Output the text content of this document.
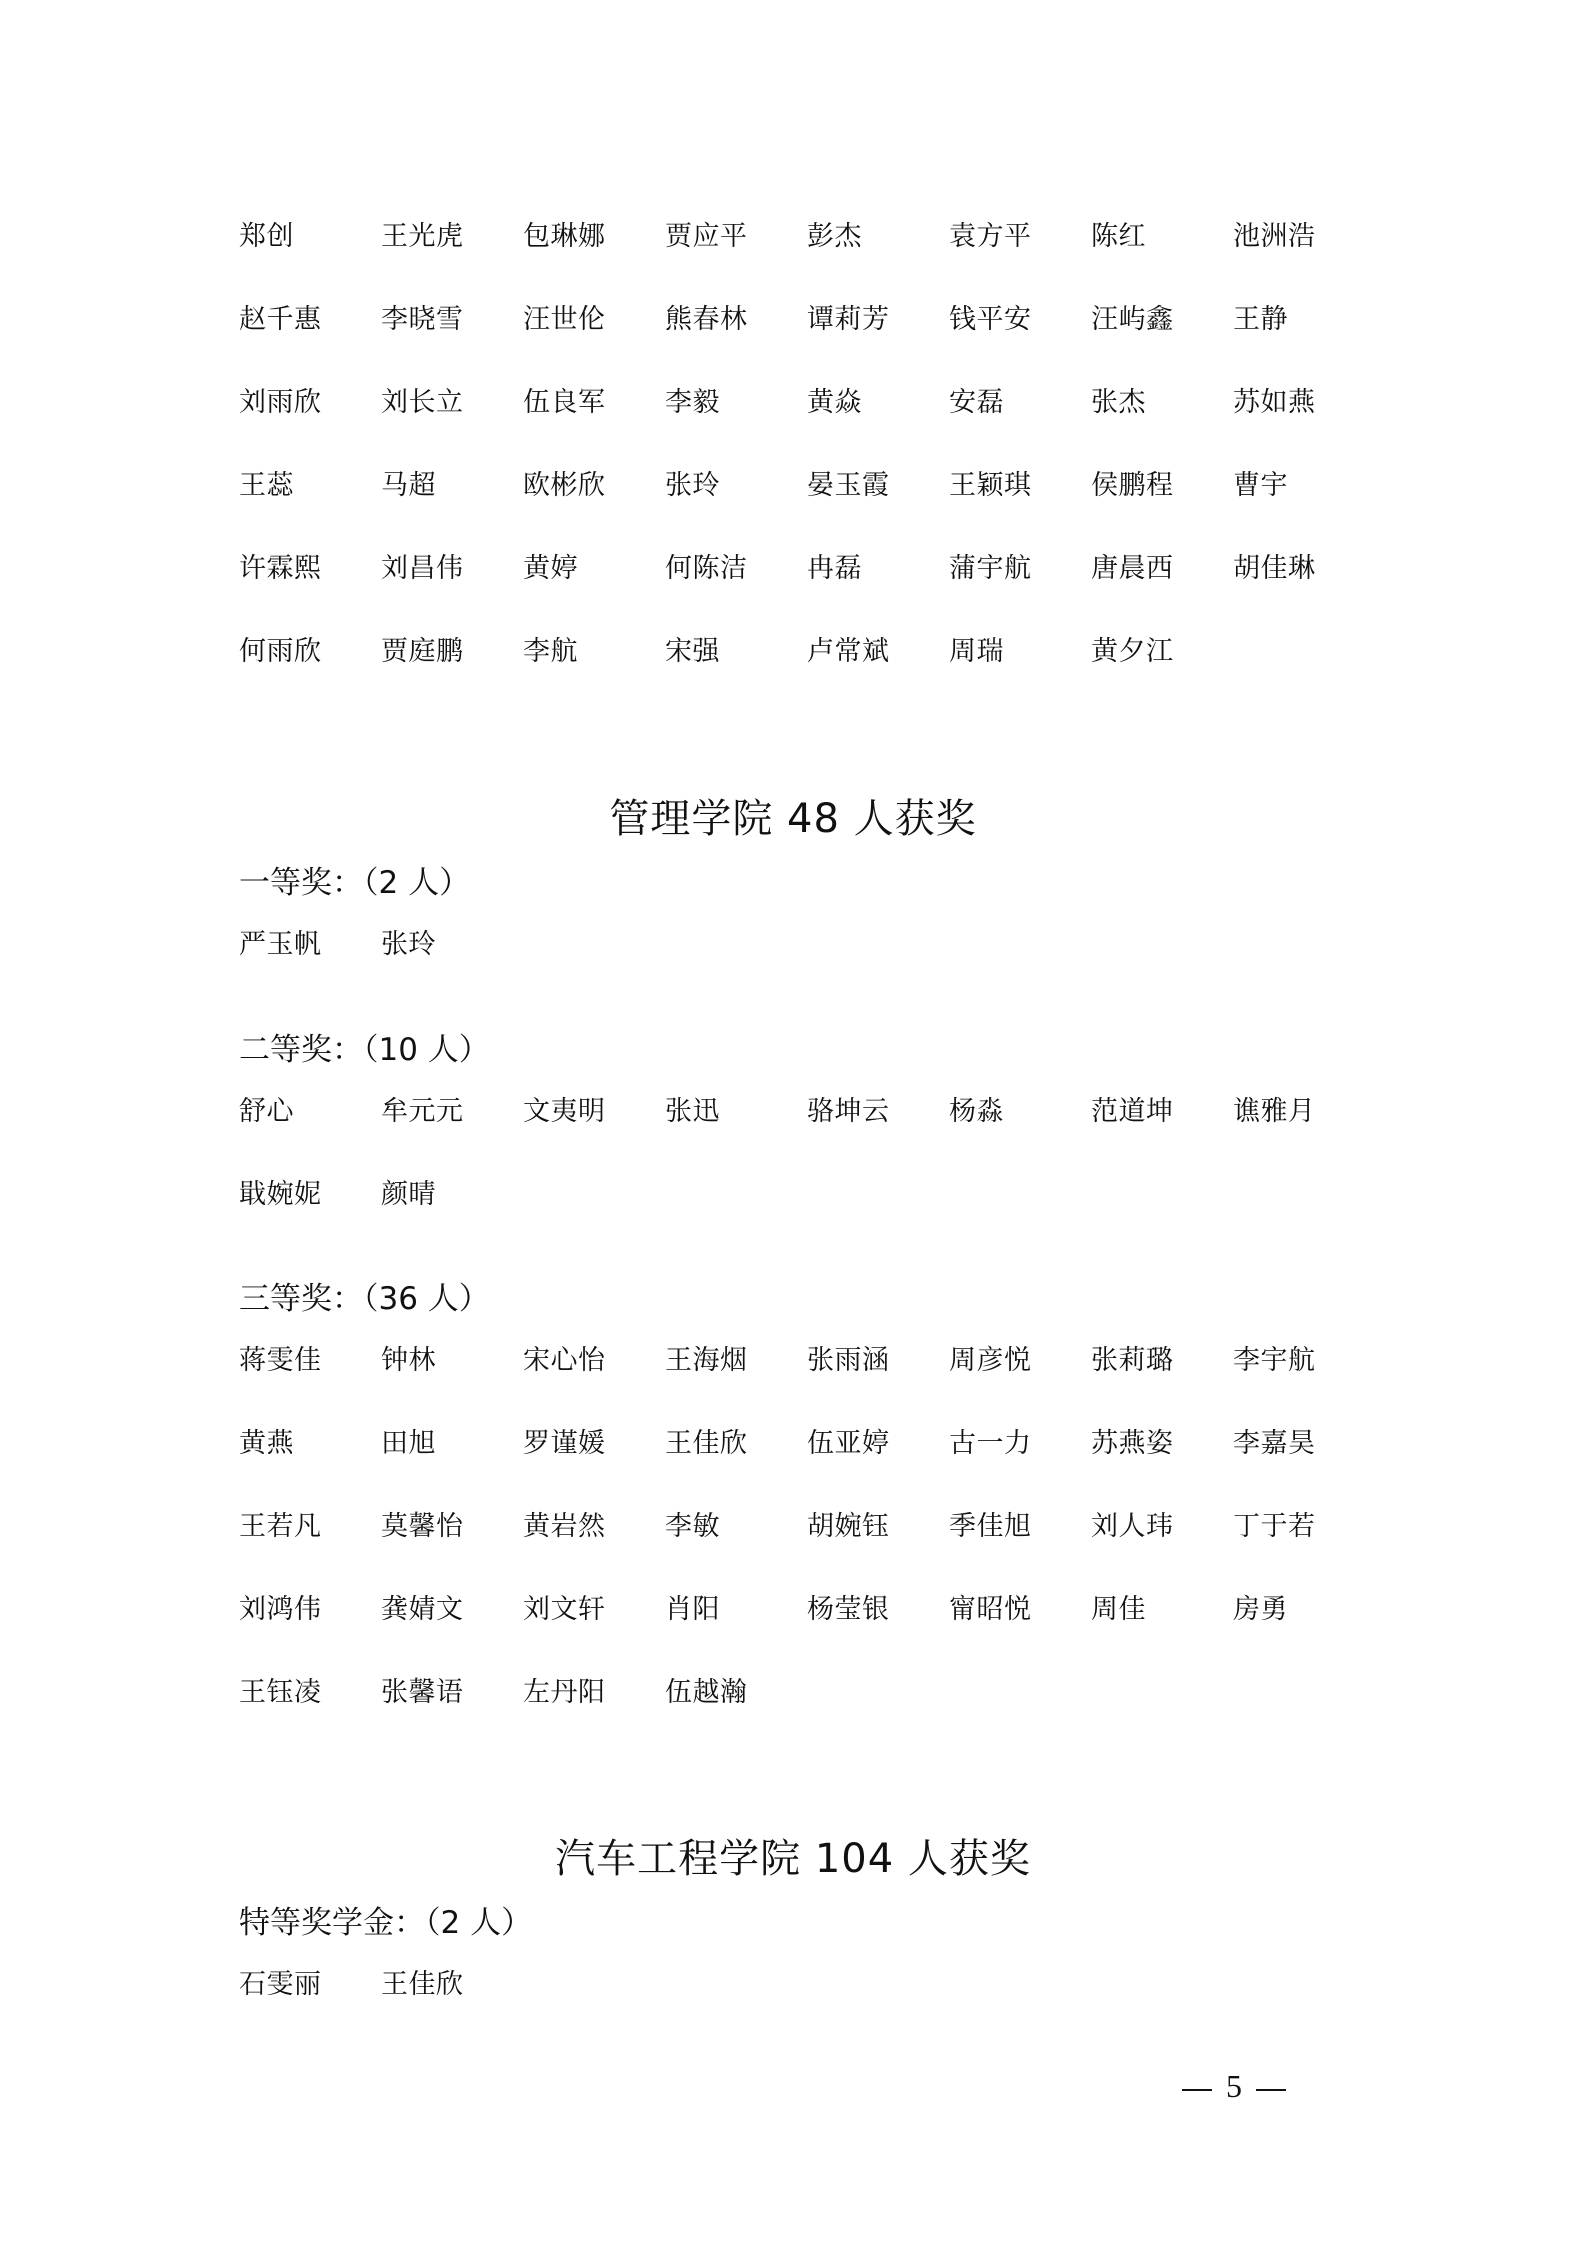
郑创	王光虎	包琳娜	贾应平	彭杰	袁方平	陈红	池洲浩
赵千惠	李晓雪	汪世伦	熊春林	谭莉芳	钱平安	汪屿鑫	王静
刘雨欣	刘长立	伍良军	李毅	黄焱	安磊	张杰	苏如燕
王蕊	马超	欧彬欣	张玲	晏玉霞	王颖琪	侯鹏程	曹宇
许霖熙	刘昌伟	黄婷	何陈洁	冉磊	蒲宇航	唐晨西	胡佳琳
何雨欣	贾庭鹏	李航	宋强	卢常斌	周瑞	黄夕江
管理学院 48 人获奖
一等奖：（2 人）
严玉帆	张玲
二等奖：（10 人）
舒心	牟元元	文夷明	张迅	骆坤云	杨淼	范道坤	谯雅月
戢婉妮	颜晴
三等奖：（36 人）
蒋雯佳	钟林	宋心怡	王海烟	张雨涵	周彦悦	张莉璐	李宇航
黄燕	田旭	罗谨媛	王佳欣	伍亚婷	古一力	苏燕姿	李嘉昊
王若凡	莫馨怡	黄岩然	李敏	胡婉钰	季佳旭	刘人玮	丁于若
刘鸿伟	龚婧文	刘文轩	肖阳	杨莹银	甯昭悦	周佳	房勇
王钰凌	张馨语	左丹阳	伍越瀚
汽车工程学院 104 人获奖
特等奖学金：（2 人）
石雯丽	王佳欣
5
